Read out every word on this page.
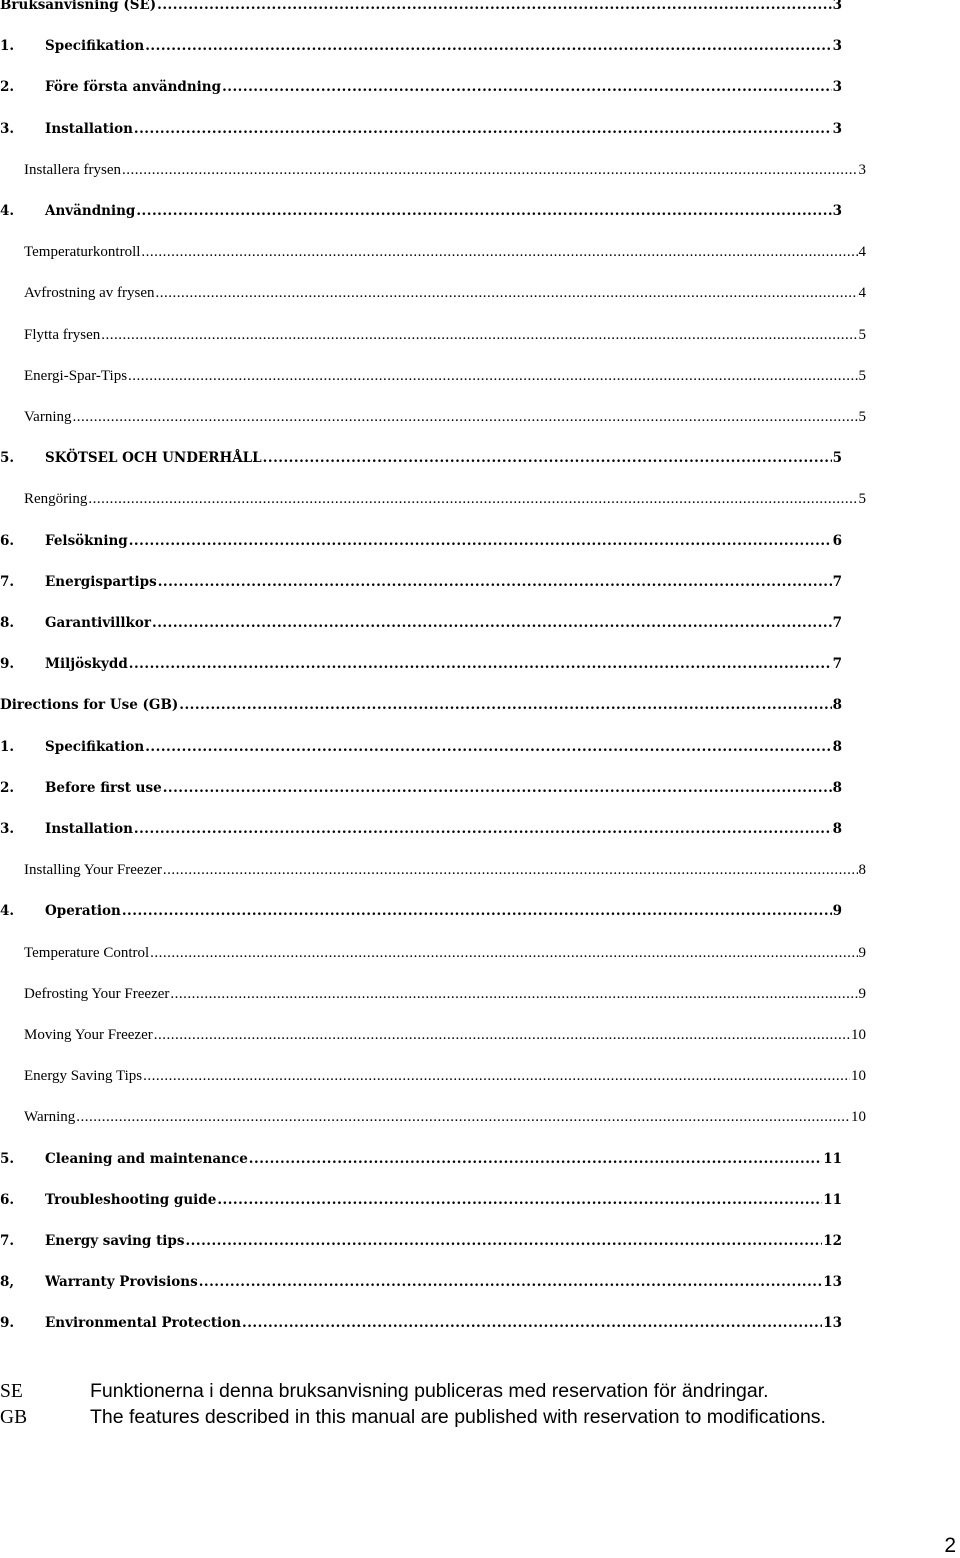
Bruksanvisning (SE) .....	3
1.	Specifikation .....	3
2.	Före första användning .....	3
3.	Installation .....	3
Installera frysen .....	3
4.	Användning .....	3
Temperaturkontroll .....	4
Avfrostning av frysen .....	4
Flytta frysen .....	5
Energi-Spar-Tips .....	5
Varning .....	5
5.	SKÖTSEL OCH UNDERHÅLL .....	5
Rengöring .....	5
6.	Felsökning .....	6
7.	Energispartips .....	7
8.	Garantivillkor .....	7
9.	Miljöskydd .....	7
Directions for Use (GB) .....	8
1.	Specifikation .....	8
2.	Before first use .....	8
3.	Installation .....	8
Installing Your Freezer .....	8
4.	Operation .....	9
Temperature Control .....	9
Defrosting Your Freezer .....	9
Moving Your Freezer .....	10
Energy Saving Tips .....	10
Warning .....	10
5.	Cleaning and maintenance .....	11
6.	Troubleshooting guide .....	11
7.	Energy saving tips .....	12
8,	Warranty Provisions .....	13
9.	Environmental Protection .....	13
SE	Funktionerna i denna bruksanvisning publiceras med reservation för ändringar.
GB	The features described in this manual are published with reservation to modifications.
2
